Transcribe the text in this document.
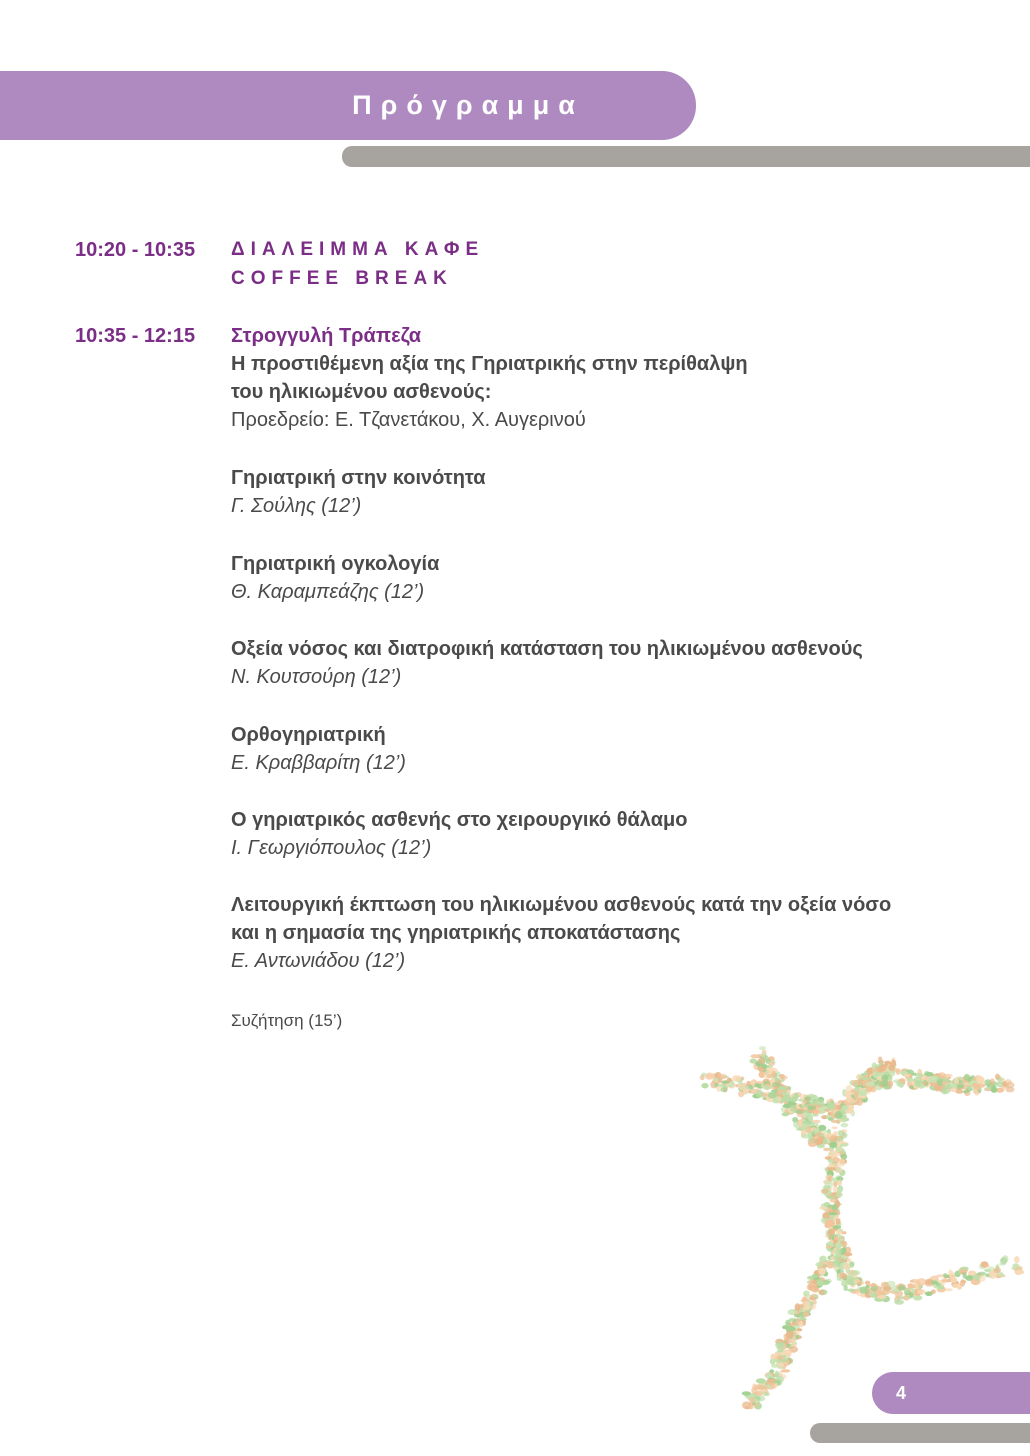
Πρόγραμμα
10:20 - 10:35 ΔΙΑΛΕΙΜΜΑ ΚΑΦΕ
COFFEE BREAK
10:35 - 12:15 Στρογγυλή Τράπεζα
Η προστιθέμενη αξία της Γηριατρικής στην περίθαλψη
του ηλικιωμένου ασθενούς:
Προεδρείο: Ε. Τζανετάκου, Χ. Αυγερινού
Γηριατρική στην κοινότητα
Γ. Σούλης (12’)
Γηριατρική ογκολογία
Θ. Καραμπεάζης (12’)
Οξεία νόσος και διατροφική κατάσταση του ηλικιωμένου ασθενούς
Ν. Κουτσούρη (12’)
Ορθογηριατρική
Ε. Κραββαρίτη (12’)
Ο γηριατρικός ασθενής στο χειρουργικό θάλαμο
Ι. Γεωργιόπουλος (12’)
Λειτουργική έκπτωση του ηλικιωμένου ασθενούς κατά την οξεία νόσο
και η σημασία της γηριατρικής αποκατάστασης
Ε. Αντωνιάδου (12’)
Συζήτηση (15’)
4
